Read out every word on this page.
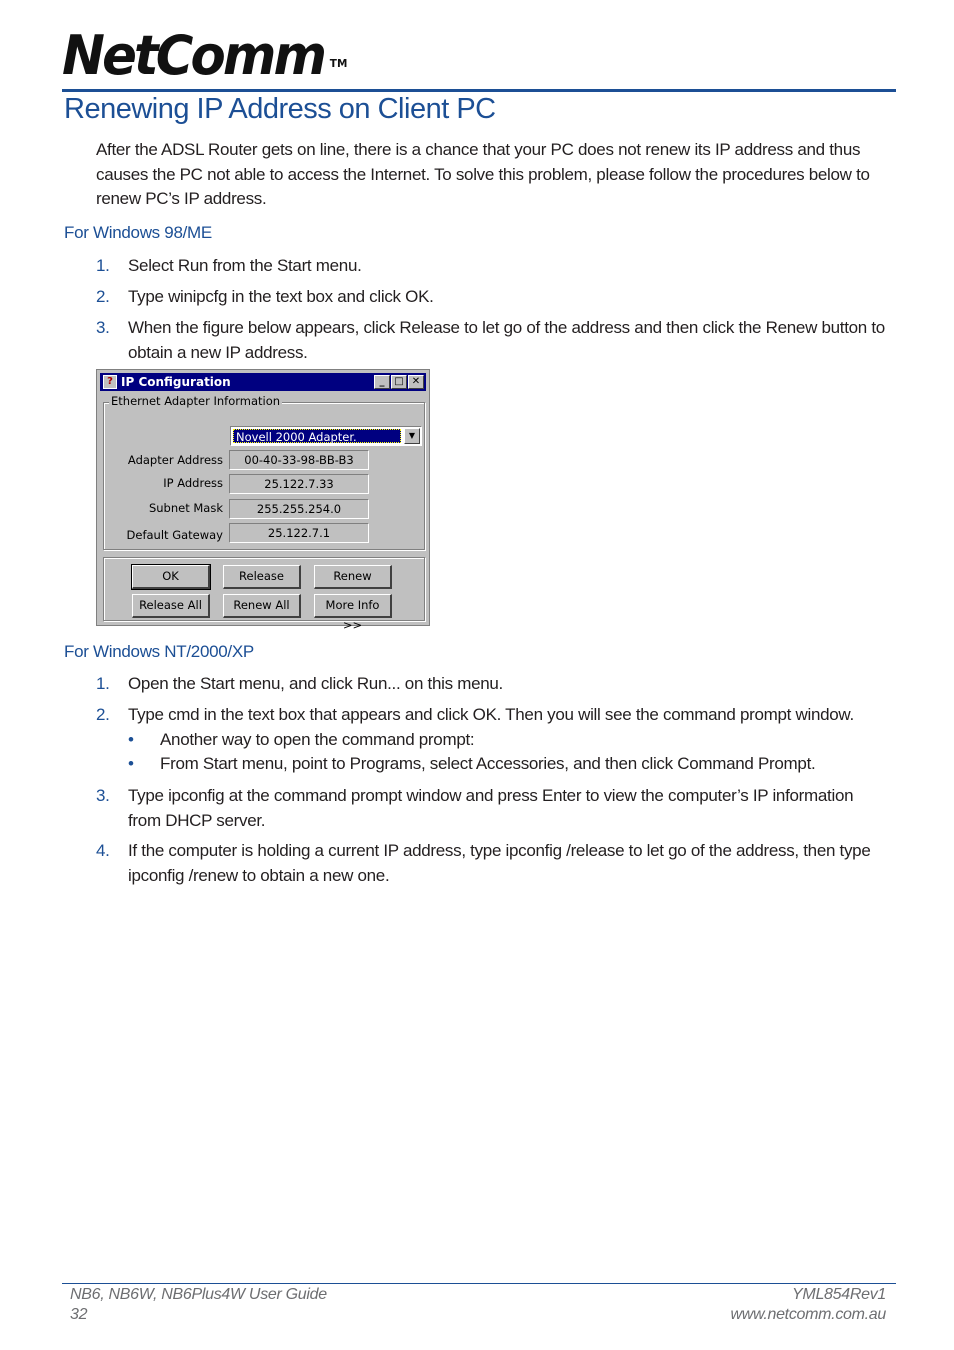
NetComm ™
Renewing IP Address on Client PC

After the ADSL Router gets on line, there is a chance that your PC does not renew its IP address and thus causes the PC not able to access the Internet. To solve this problem, please follow the procedures below to renew PC’s IP address.

For Windows 98/ME
1. Select Run from the Start menu.
2. Type winipcfg in the text box and click OK.
3. When the figure below appears, click Release to let go of the address and then click the Renew button to obtain a new IP address.
? IP Configuration	_ □ ✕
Ethernet Adapter Information
Novell 2000 Adapter.	▼
Adapter Address	00-40-33-98-BB-B3
IP Address	25.122.7.33
Subnet Mask	255.255.254.0
Default Gateway	25.122.7.1
OK	Release	Renew
Release All	Renew All	More Info >>
For Windows NT/2000/XP
1. Open the Start menu, and click Run... on this menu.
2. Type cmd in the text box that appears and click OK. Then you will see the command prompt window.
• Another way to open the command prompt:
• From Start menu, point to Programs, select Accessories, and then click Command Prompt.
3. Type ipconfig at the command prompt window and press Enter to view the computer’s IP information from DHCP server.
4. If the computer is holding a current IP address, type ipconfig /release to let go of the address, then type ipconfig /renew to obtain a new one.
NB6, NB6W, NB6Plus4W User Guide
32
YML854Rev1
www.netcomm.com.au
